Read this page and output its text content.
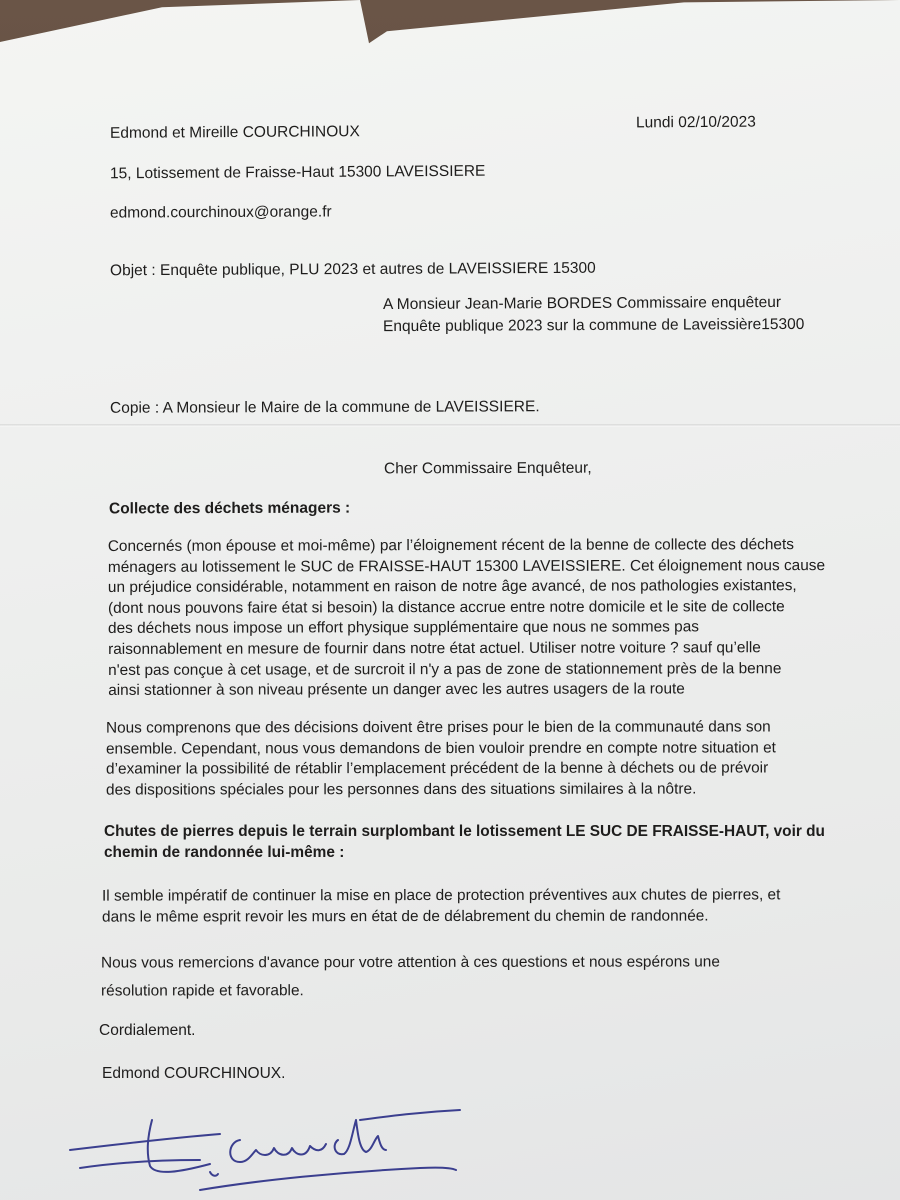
Edmond et Mireille COURCHINOUX
Lundi 02/10/2023
15, Lotissement de Fraisse-Haut 15300 LAVEISSIERE
edmond.courchinoux@orange.fr
Objet : Enquête publique, PLU 2023 et autres de LAVEISSIERE 15300
A Monsieur Jean-Marie BORDES Commissaire enquêteur
Enquête publique 2023 sur la commune de Laveissière15300
Copie : A Monsieur le Maire de la commune de LAVEISSIERE.
Cher Commissaire Enquêteur,
Collecte des déchets ménagers :
Concernés (mon épouse et moi-même) par l’éloignement récent de la benne de collecte des déchets
ménagers au lotissement le SUC de FRAISSE-HAUT 15300 LAVEISSIERE. Cet éloignement nous cause
un préjudice considérable, notamment en raison de notre âge avancé, de nos pathologies existantes,
(dont nous pouvons faire état si besoin) la distance accrue entre notre domicile et le site de collecte
des déchets nous impose un effort physique supplémentaire que nous ne sommes pas
raisonnablement en mesure de fournir dans notre état actuel. Utiliser notre voiture ? sauf qu’elle
n'est pas conçue à cet usage, et de surcroit il n'y a pas de zone de stationnement près de la benne
ainsi stationner à son niveau présente un danger avec les autres usagers de la route
Nous comprenons que des décisions doivent être prises pour le bien de la communauté dans son
ensemble. Cependant, nous vous demandons de bien vouloir prendre en compte notre situation et
d’examiner la possibilité de rétablir l’emplacement précédent de la benne à déchets ou de prévoir
des dispositions spéciales pour les personnes dans des situations similaires à la nôtre.
Chutes de pierres depuis le terrain surplombant le lotissement LE SUC DE FRAISSE-HAUT, voir du
chemin de randonnée lui-même :
Il semble impératif de continuer la mise en place de protection préventives aux chutes de pierres, et
dans le même esprit revoir les murs en état de de délabrement du chemin de randonnée.
Nous vous remercions d'avance pour votre attention à ces questions et nous espérons une
résolution rapide et favorable.
Cordialement.
Edmond COURCHINOUX.
